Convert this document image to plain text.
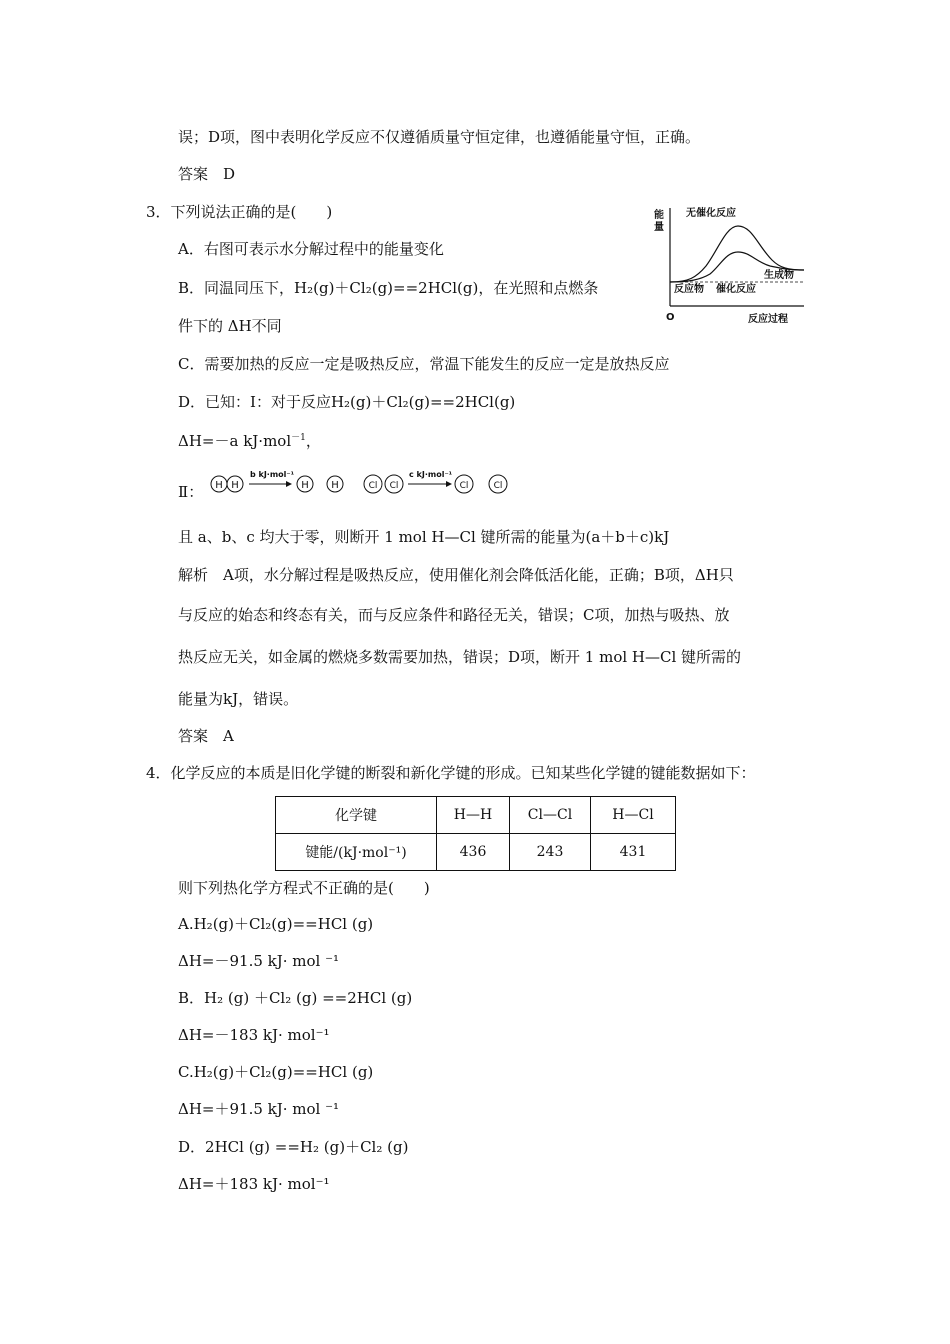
误；D项，图中表明化学反应不仅遵循质量守恒定律，也遵循能量守恒，正确。
答案　D
3．下列说法正确的是(　　)
A．右图可表示水分解过程中的能量变化
B．同温同压下，H₂(g)＋Cl₂(g)==2HCl(g)，在光照和点燃条
件下的 ΔH不同
C．需要加热的反应一定是吸热反应，常温下能发生的反应一定是放热反应
D．已知：Ⅰ：对于反应H₂(g)＋Cl₂(g)==2HCl(g)
ΔH=－a kJ·mol$^{-1}$，
Ⅱ： H H
b kJ·mol⁻¹
H H	Cl Cl
c kJ·mol⁻¹
Cl	Cl
且 a、b、c 均大于零，则断开 1 mol H—Cl 键所需的能量为(a＋b＋c)kJ
解析　A项，水分解过程是吸热反应，使用催化剂会降低活化能，正确；B项，ΔH只
与反应的始态和终态有关，而与反应条件和路径无关，错误；C项，加热与吸热、放
热反应无关，如金属的燃烧多数需要加热，错误；D项，断开 1 mol H—Cl 键所需的
能量为kJ，错误。
答案　A
能
量
O	反应过程
无催化反应
催化反应
反应物
生成物
4．化学反应的本质是旧化学键的断裂和新化学键的形成。已知某些化学键的键能数据如下：
化学键	H—H	Cl—Cl	H—Cl
键能/(kJ·mol⁻¹)	436	243	431
则下列热化学方程式不正确的是(　　)
A.H₂(g)＋Cl₂(g)==HCl (g)
ΔH=－91.5 kJ· mol ⁻¹
B．H₂ (g) ＋Cl₂ (g) ==2HCl (g)
ΔH=－183 kJ· mol⁻¹
C.H₂(g)＋Cl₂(g)==HCl (g)
ΔH=＋91.5 kJ· mol ⁻¹
D．2HCl (g) ==H₂ (g)＋Cl₂ (g)
ΔH=＋183 kJ· mol⁻¹
